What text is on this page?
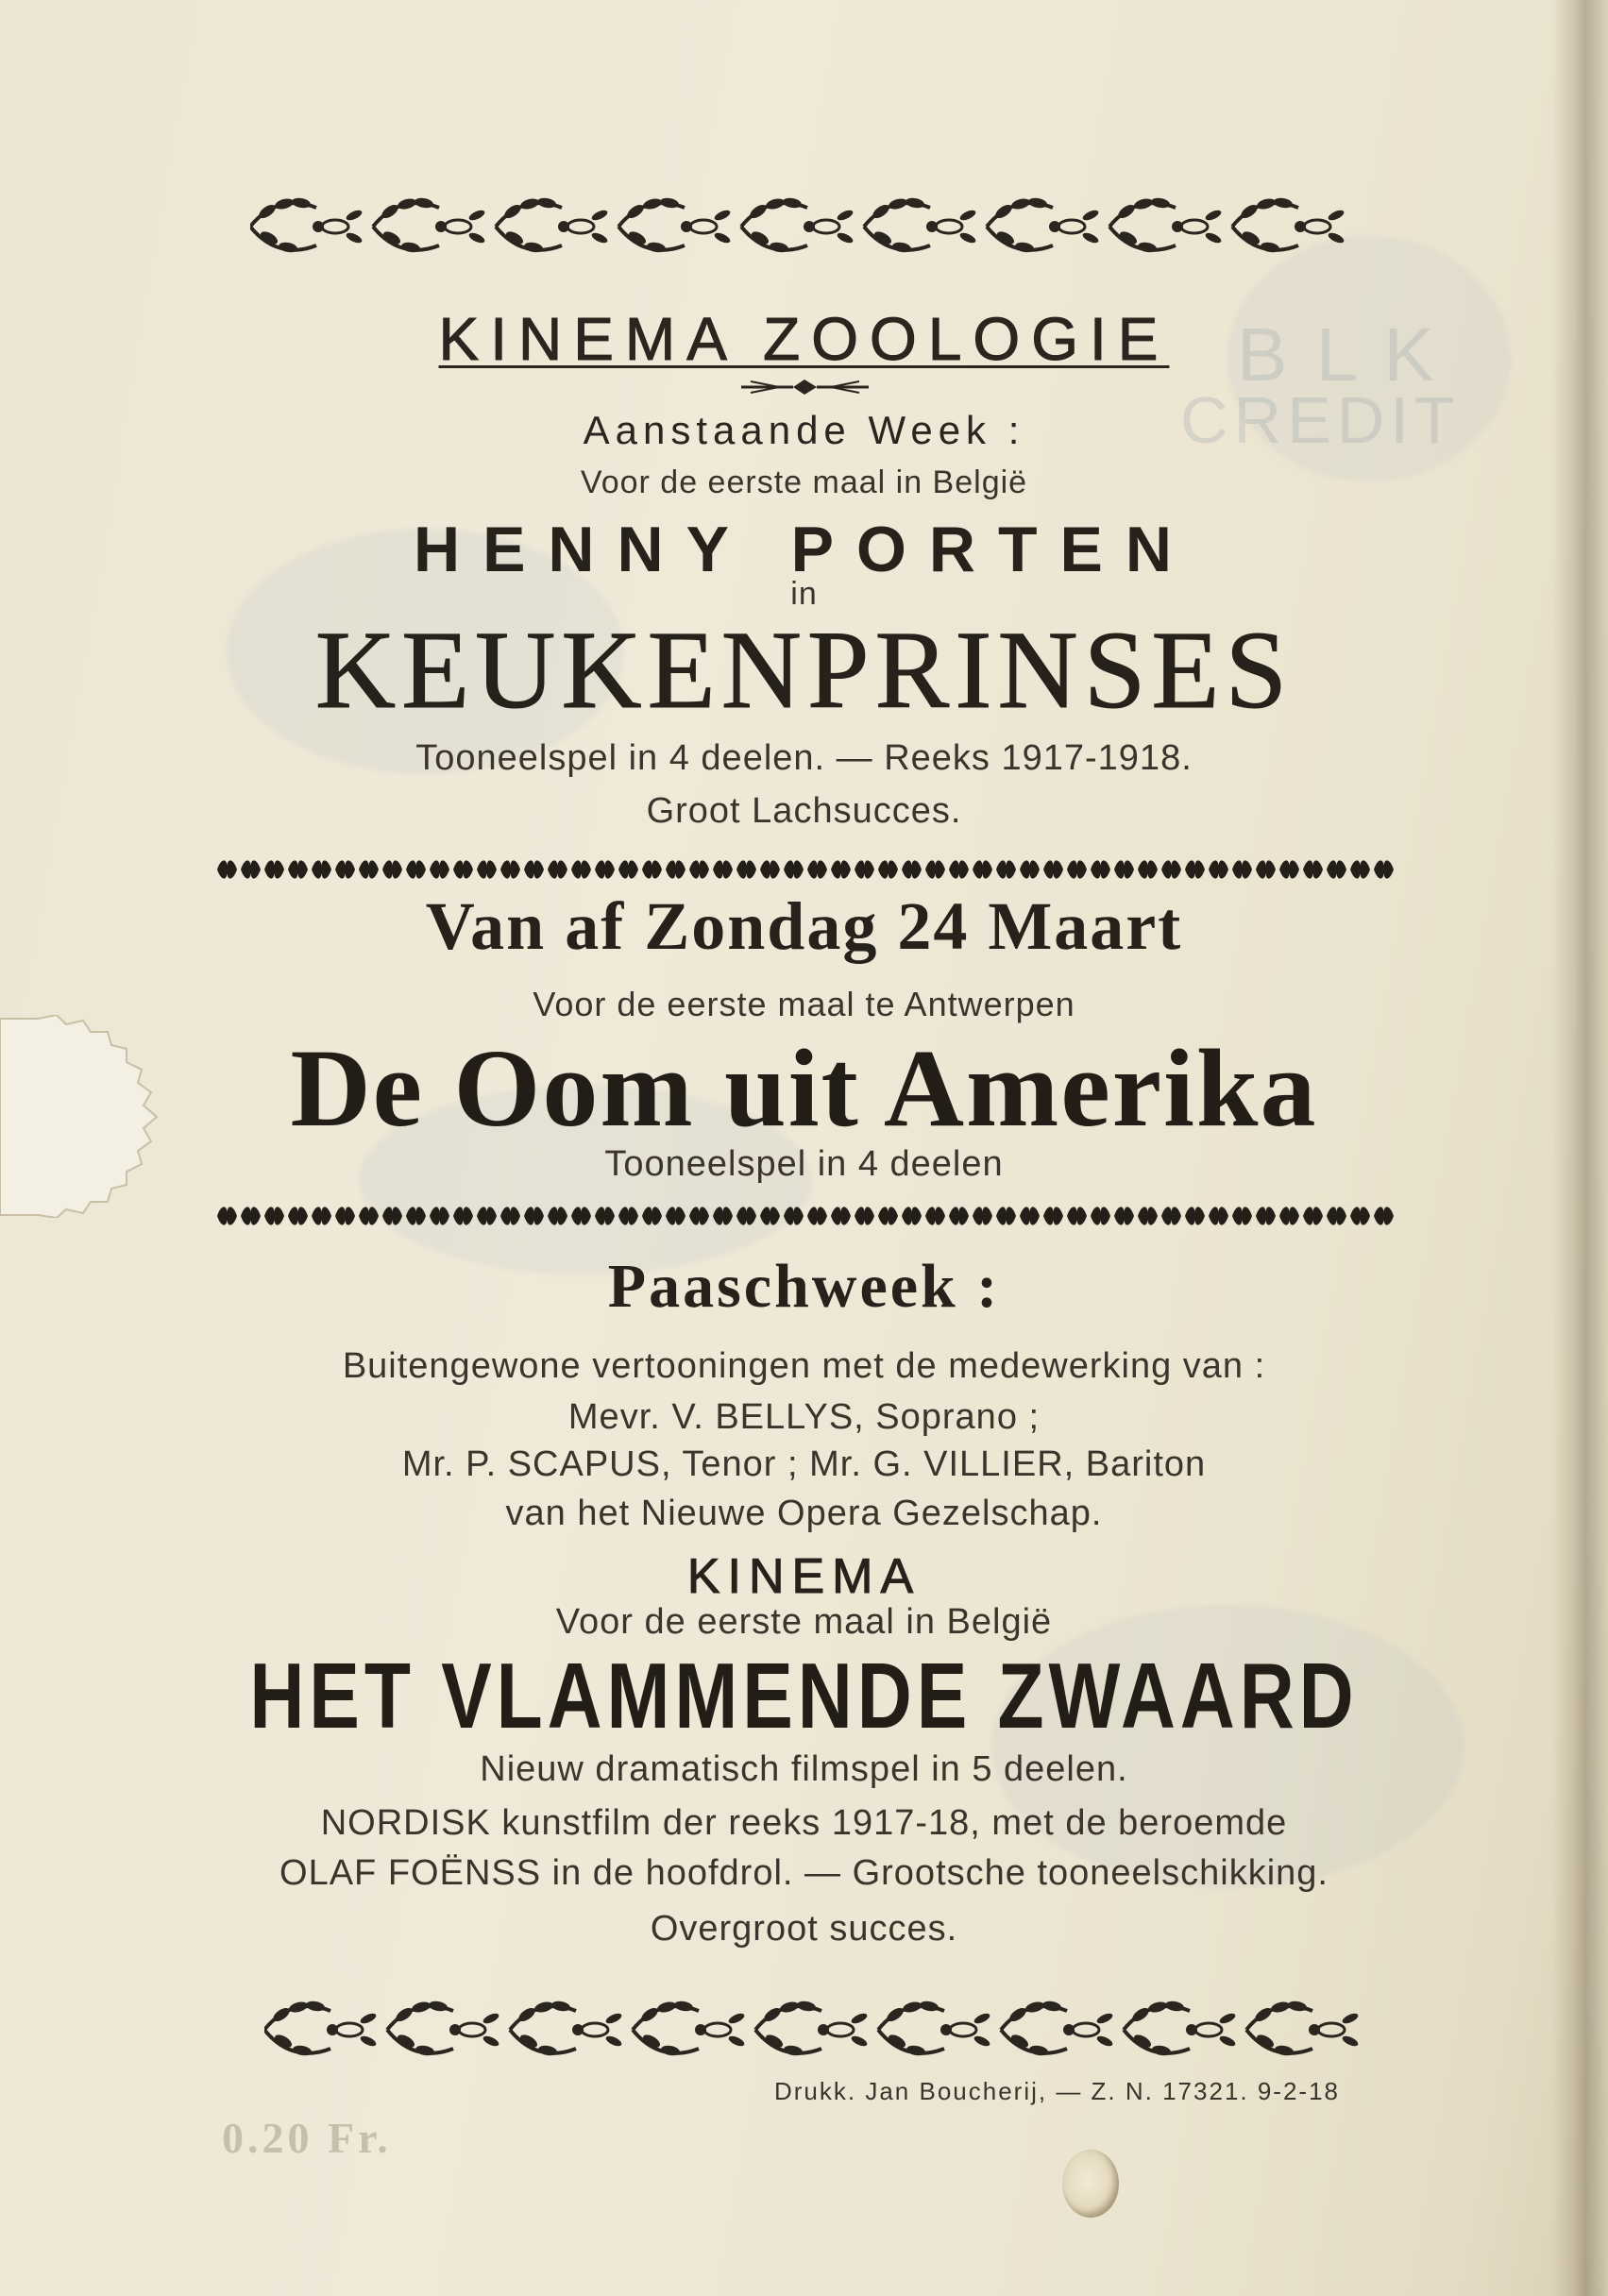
B L K
CREDIT
KINEMA ZOOLOGIE
Aanstaande Week :
Voor de eerste maal in België
HENNY PORTEN
in
KEUKENPRINSES
Tooneelspel in 4 deelen. — Reeks 1917-1918.
Groot Lachsucces.
Van af Zondag 24 Maart
Voor de eerste maal te Antwerpen
De Oom uit Amerika
Tooneelspel in 4 deelen
Paaschweek :
Buitengewone vertooningen met de medewerking van :
Mevr. V. BELLYS, Soprano ;
Mr. P. SCAPUS, Tenor ; Mr. G. VILLIER, Bariton
van het Nieuwe Opera Gezelschap.
KINEMA
Voor de eerste maal in België
HET VLAMMENDE ZWAARD
Nieuw dramatisch filmspel in 5 deelen.
NORDISK kunstfilm der reeks 1917-18, met de beroemde
OLAF FOËNSS in de hoofdrol. — Grootsche tooneelschikking.
Overgroot succes.
Drukk. Jan Boucherij, — Z. N. 17321. 9-2-18
0.20 Fr.
